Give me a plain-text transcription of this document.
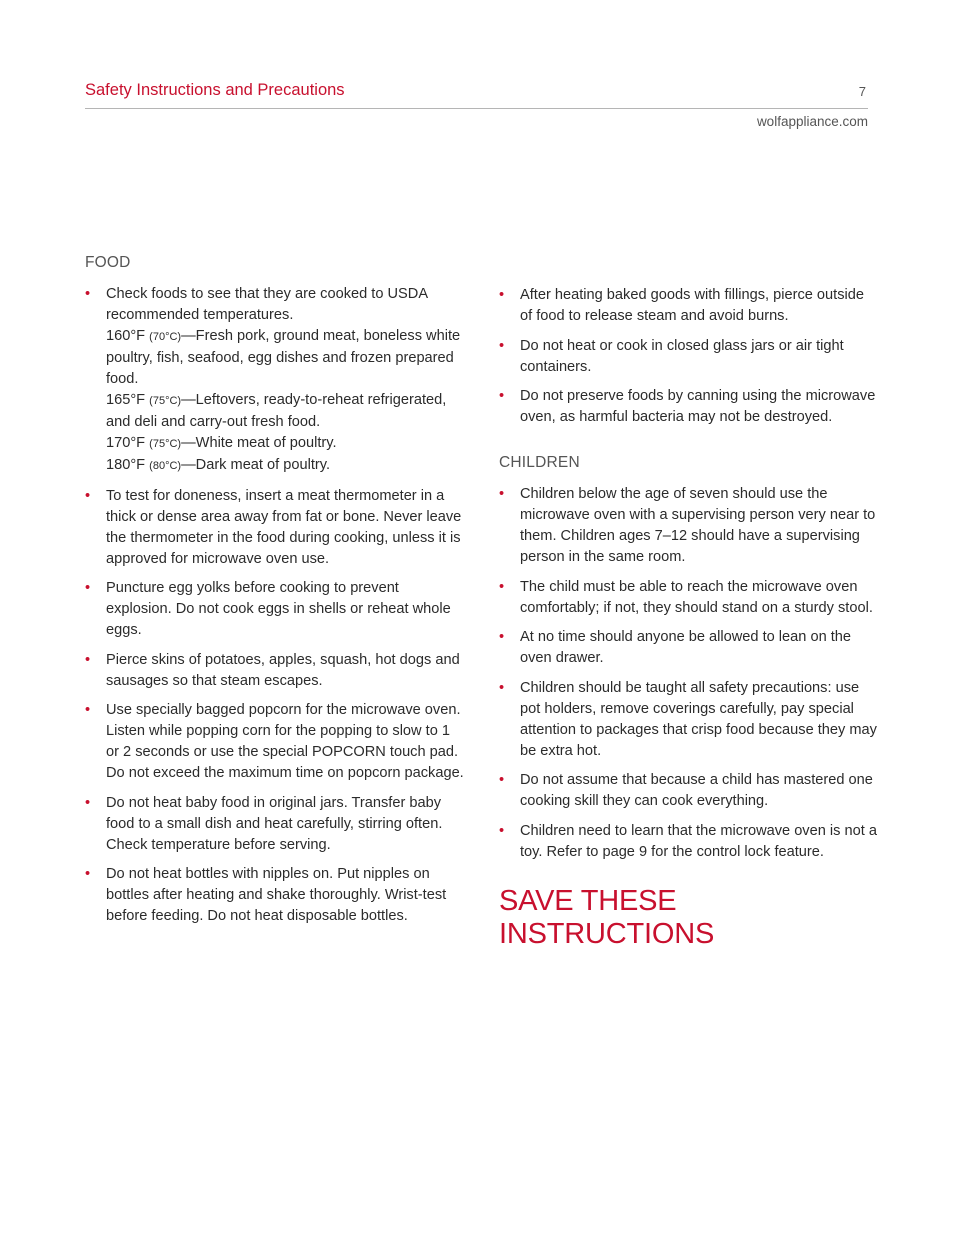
Safety Instructions and Precautions	7
wolfappliance.com
FOOD
• Check foods to see that they are cooked to USDA recommended temperatures.
160°F (70°C)—Fresh pork, ground meat, boneless white poultry, fish, seafood, egg dishes and frozen prepared food.
165°F (75°C)—Leftovers, ready-to-reheat refrigerated, and deli and carry-out fresh food.
170°F (75°C)—White meat of poultry.
180°F (80°C)—Dark meat of poultry.
• To test for doneness, insert a meat thermometer in a thick or dense area away from fat or bone. Never leave the thermometer in the food during cooking, unless it is approved for microwave oven use.
• Puncture egg yolks before cooking to prevent explosion. Do not cook eggs in shells or reheat whole eggs.
• Pierce skins of potatoes, apples, squash, hot dogs and sausages so that steam escapes.
• Use specially bagged popcorn for the microwave oven. Listen while popping corn for the popping to slow to 1 or 2 seconds or use the special POPCORN touch pad. Do not exceed the maximum time on popcorn package.
• Do not heat baby food in original jars. Transfer baby food to a small dish and heat carefully, stirring often. Check temperature before serving.
• Do not heat bottles with nipples on. Put nipples on bottles after heating and shake thoroughly. Wrist-test before feeding. Do not heat disposable bottles.
• After heating baked goods with fillings, pierce outside of food to release steam and avoid burns.
• Do not heat or cook in closed glass jars or air tight containers.
• Do not preserve foods by canning using the microwave oven, as harmful bacteria may not be destroyed.
CHILDREN
• Children below the age of seven should use the microwave oven with a supervising person very near to them. Children ages 7–12 should have a supervising person in the same room.
• The child must be able to reach the microwave oven comfortably; if not, they should stand on a sturdy stool.
• At no time should anyone be allowed to lean on the oven drawer.
• Children should be taught all safety precautions: use pot holders, remove coverings carefully, pay special attention to packages that crisp food because they may be extra hot.
• Do not assume that because a child has mastered one cooking skill they can cook everything.
• Children need to learn that the microwave oven is not a toy. Refer to page 9 for the control lock feature.
SAVE THESE INSTRUCTIONS
